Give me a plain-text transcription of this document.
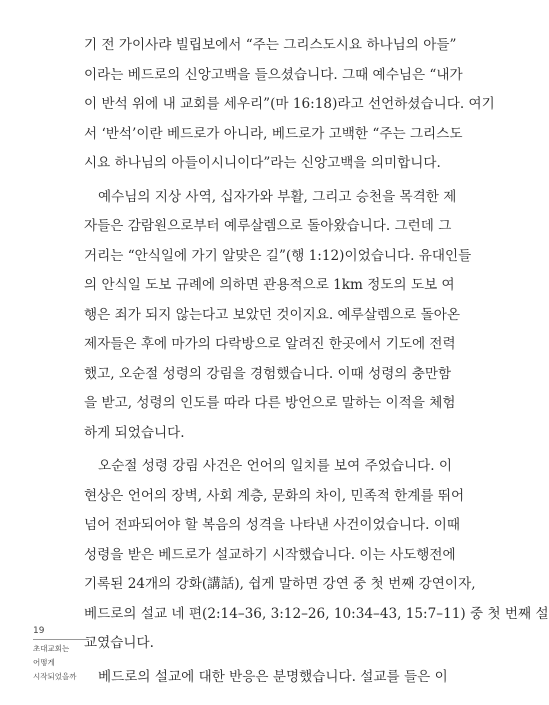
기 전 가이사랴 빌립보에서 “주는 그리스도시요 하나님의 아들”
이라는 베드로의 신앙고백을 들으셨습니다. 그때 예수님은 “내가
이 반석 위에 내 교회를 세우리”(마 16:18)라고 선언하셨습니다. 여기
서 ‘반석’이란 베드로가 아니라, 베드로가 고백한 “주는 그리스도
시요 하나님의 아들이시니이다”라는 신앙고백을 의미합니다.
예수님의 지상 사역, 십자가와 부활, 그리고 승천을 목격한 제
자들은 감람원으로부터 예루살렘으로 돌아왔습니다. 그런데 그
거리는 “안식일에 가기 알맞은 길”(행 1:12)이었습니다. 유대인들
의 안식일 도보 규례에 의하면 관용적으로 1km 정도의 도보 여
행은 죄가 되지 않는다고 보았던 것이지요. 예루살렘으로 돌아온
제자들은 후에 마가의 다락방으로 알려진 한곳에서 기도에 전력
했고, 오순절 성령의 강림을 경험했습니다. 이때 성령의 충만함
을 받고, 성령의 인도를 따라 다른 방언으로 말하는 이적을 체험
하게 되었습니다.
오순절 성령 강림 사건은 언어의 일치를 보여 주었습니다. 이
현상은 언어의 장벽, 사회 계층, 문화의 차이, 민족적 한계를 뛰어
넘어 전파되어야 할 복음의 성격을 나타낸 사건이었습니다. 이때
성령을 받은 베드로가 설교하기 시작했습니다. 이는 사도행전에
기록된 24개의 강화(講話), 쉽게 말하면 강연 중 첫 번째 강연이자,
베드로의 설교 네 편(2:14–36, 3:12–26, 10:34–43, 15:7–11) 중 첫 번째 설
교였습니다.
베드로의 설교에 대한 반응은 분명했습니다. 설교를 들은 이
19
초대교회는
어떻게
시작되었을까
